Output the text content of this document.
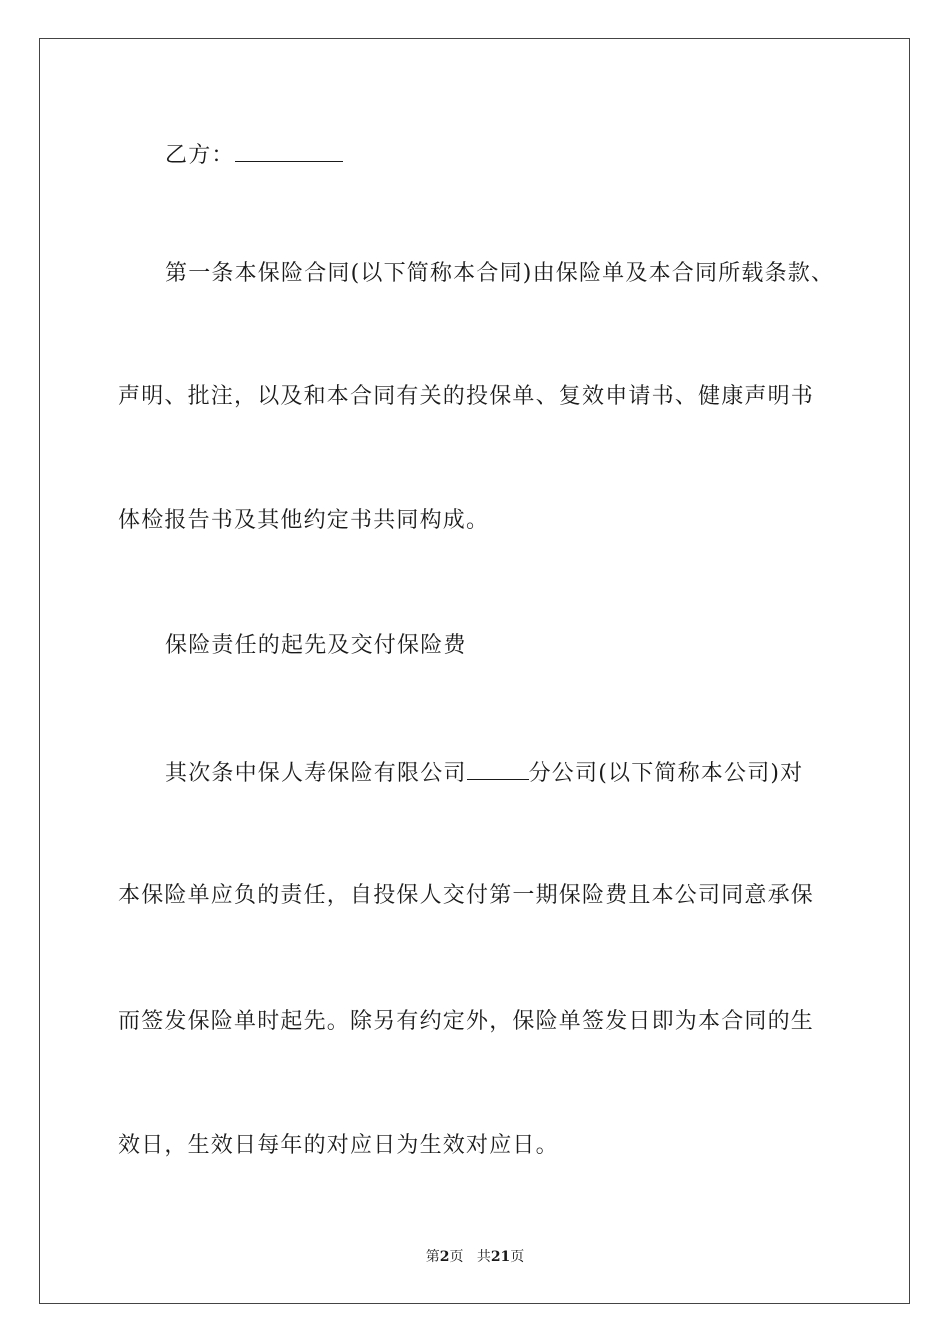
乙方：
第一条本保险合同(以下简称本合同)由保险单及本合同所载条款、
声明、批注，以及和本合同有关的投保单、复效申请书、健康声明书
体检报告书及其他约定书共同构成。
保险责任的起先及交付保险费
其次条中保人寿保险有限公司	分公司(以下简称本公司)对
本保险单应负的责任，自投保人交付第一期保险费且本公司同意承保
而签发保险单时起先。除另有约定外，保险单签发日即为本合同的生
效日，生效日每年的对应日为生效对应日。
第2页 共21页
